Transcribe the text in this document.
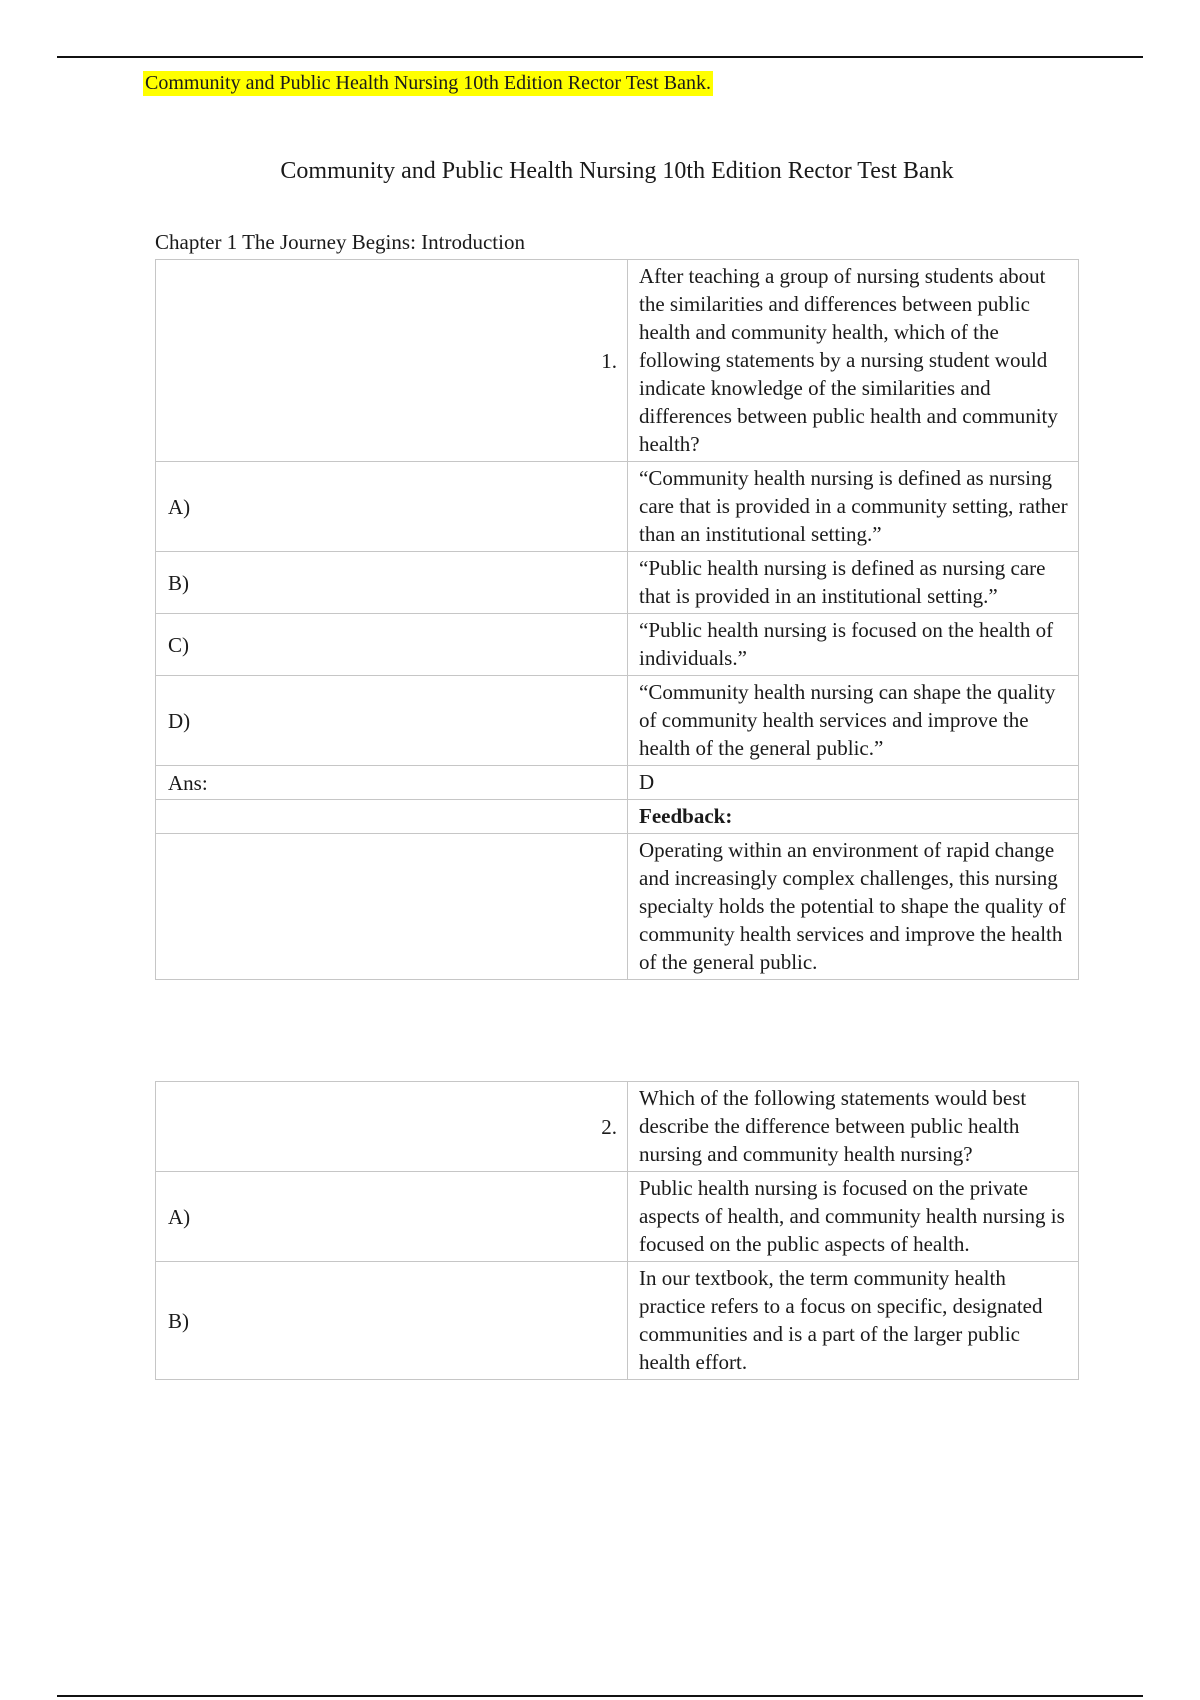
Community and Public Health Nursing 10th Edition Rector Test Bank.
Community and Public Health Nursing 10th Edition Rector Test Bank
Chapter 1 The Journey Begins: Introduction
1.	After teaching a group of nursing students about the similarities and differences between public health and community health, which of the following statements by a nursing student would indicate knowledge of the similarities and differences between public health and community health?
A)	“Community health nursing is defined as nursing care that is provided in a community setting, rather than an institutional setting.”
B)	“Public health nursing is defined as nursing care that is provided in an institutional setting.”
C)	“Public health nursing is focused on the health of individuals.”
D)	“Community health nursing can shape the quality of community health services and improve the health of the general public.”
Ans:	D
	Feedback:
	Operating within an environment of rapid change and increasingly complex challenges, this nursing specialty holds the potential to shape the quality of community health services and improve the health of the general public.
2.	Which of the following statements would best describe the difference between public health nursing and community health nursing?
A)	Public health nursing is focused on the private aspects of health, and community health nursing is focused on the public aspects of health.
B)	In our textbook, the term community health practice refers to a focus on specific, designated communities and is a part of the larger public health effort.
